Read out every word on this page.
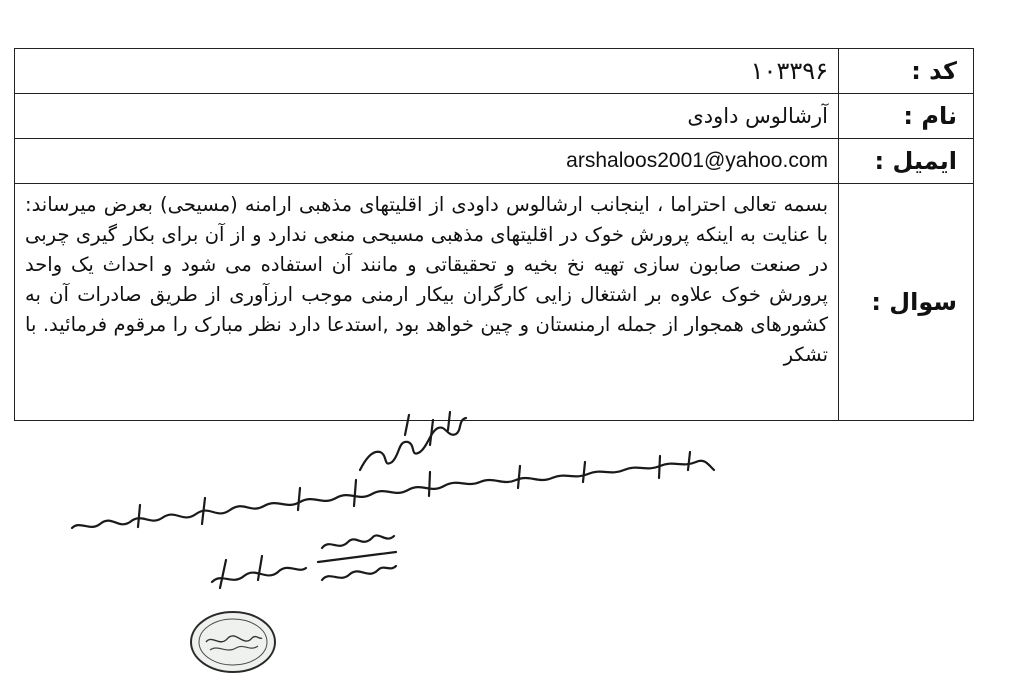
کد :	۱۰۳۳۹۶
نام :	آرشالوس داودی
ایمیل :	arshaloos2001@yahoo.com
سوال :	بسمه تعالی احتراما ، اینجانب ارشالوس داودی از اقلیتهای مذهبی ارامنه (مسیحی) بعرض میرساند: با عنایت به اینکه پرورش خوک در اقلیتهای مذهبی مسیحی منعی ندارد و از آن برای بکار گیری چربی در صنعت صابون سازی تهیه نخ بخیه و تحقیقاتی و مانند آن استفاده می شود و احداث یک واحد پرورش خوک علاوه بر اشتغال زایی کارگران بیکار ارمنی موجب ارزآوری از طریق صادرات آن به کشورهای همجوار از جمله ارمنستان و چین خواهد بود ,استدعا دارد نظر مبارک را مرقوم فرمائید. با تشکر
